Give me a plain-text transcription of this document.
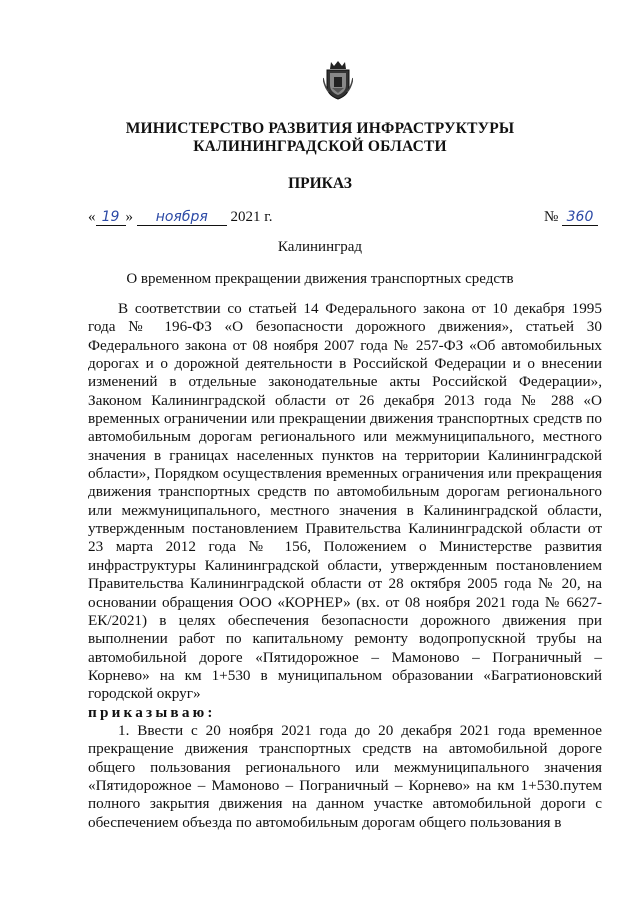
МИНИСТЕРСТВО РАЗВИТИЯ ИНФРАСТРУКТУРЫ
КАЛИНИНГРАДСКОЙ ОБЛАСТИ
ПРИКАЗ
« 19 » ноября 2021 г.	№ 360
Калининград
О временном прекращении движения транспортных средств

В соответствии со статьей 14 Федерального закона от 10 декабря 1995 года № 196-ФЗ «О безопасности дорожного движения», статьей 30 Федерального закона от 08 ноября 2007 года № 257-ФЗ «Об автомобильных дорогах и о дорожной деятельности в Российской Федерации и о внесении изменений в отдельные законодательные акты Российской Федерации», Законом Калининградской области от 26 декабря 2013 года № 288 «О временных ограничении или прекращении движения транспортных средств по автомобильным дорогам регионального или межмуниципального, местного значения в границах населенных пунктов на территории Калининградской области», Порядком осуществления временных ограничения или прекращения движения транспортных средств по автомобильным дорогам регионального или межмуниципального, местного значения в Калининградской области, утвержденным постановлением Правительства Калининградской области от 23 марта 2012 года № 156, Положением о Министерстве развития инфраструктуры Калининградской области, утвержденным постановлением Правительства Калининградской области от 28 октября 2005 года № 20, на основании обращения ООО «КОРНЕР» (вх. от 08 ноября 2021 года № 6627-ЕК/2021) в целях обеспечения безопасности дорожного движения при выполнении работ по капитальному ремонту водопропускной трубы на автомобильной дороге «Пятидорожное – Мамоново – Пограничный – Корнево» на км 1+530 в муниципальном образовании «Багратионовский городской округ»

приказываю:

1. Ввести с 20 ноября 2021 года до 20 декабря 2021 года временное прекращение движения транспортных средств на автомобильной дороге общего пользования регионального или межмуниципального значения «Пятидорожное – Мамоново – Пограничный – Корнево» на км 1+530.путем полного закрытия движения на данном участке автомобильной дороги с обеспечением объезда по автомобильным дорогам общего пользования в
